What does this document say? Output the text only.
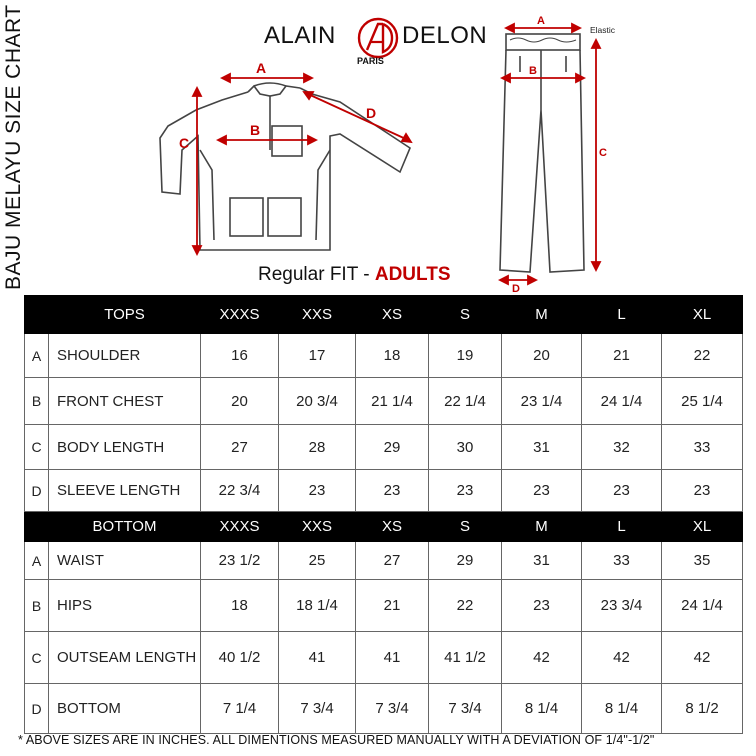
BAJU MELAYU SIZE CHART	ALAIN	DELON
PARIS
A
B
C
D
A
B
C
D
Elastic
Regular FIT - ADULTS
	TOPS	XXXS	XXS	XS	S	M	L	XL
A	SHOULDER	16	17	18	19	20	21	22
B	FRONT CHEST	20	20 3/4	21 1/4	22 1/4	23 1/4	24 1/4	25 1/4
C	BODY LENGTH	27	28	29	30	31	32	33
D	SLEEVE LENGTH	22 3/4	23	23	23	23	23	23
	BOTTOM	XXXS	XXS	XS	S	M	L	XL
A	WAIST	23 1/2	25	27	29	31	33	35
B	HIPS	18	18 1/4	21	22	23	23 3/4	24 1/4
C	OUTSEAM LENGTH	40 1/2	41	41	41 1/2	42	42	42
D	BOTTOM	7 1/4	7 3/4	7 3/4	7 3/4	8 1/4	8 1/4	8 1/2
* ABOVE SIZES ARE IN INCHES. ALL DIMENTIONS MEASURED MANUALLY WITH A DEVIATION OF 1/4"-1/2"
